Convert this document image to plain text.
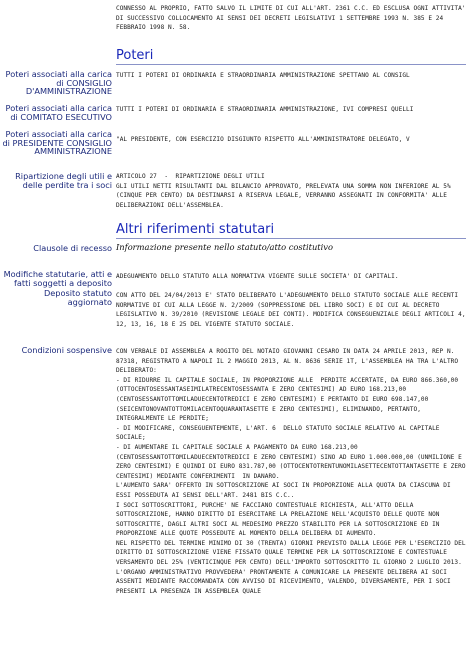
CONNESSO AL PROPRIO, FATTO SALVO IL LIMITE DI CUI ALL'ART. 2361 C.C. ED ESCLUSA OGNI ATTIVITA' DI SUCCESSIVO COLLOCAMENTO AI SENSI DEI DECRETI LEGISLATIVI 1 SETTEMBRE 1993 N. 385 E 24 FEBBRAIO 1998 N. 58.
Poteri
Poteri associati alla carica di CONSIGLIO D'AMMINISTRAZIONE
TUTTI I POTERI DI ORDINARIA E STRAORDINARIA AMMINISTRAZIONE SPETTANO AL CONSIGL
Poteri associati alla carica di COMITATO ESECUTIVO
TUTTI I POTERI DI ORDINARIA E STRAORDINARIA AMMINISTRAZIONE, IVI COMPRESI QUELLI
Poteri associati alla carica di PRESIDENTE CONSIGLIO AMMINISTRAZIONE
"AL PRESIDENTE, CON ESERCIZIO DISGIUNTO RISPETTO ALL'AMMINISTRATORE DELEGATO, V
Ripartizione degli utili e delle perdite tra i soci
ARTICOLO 27  -  RIPARTIZIONE DEGLI UTILI
GLI UTILI NETTI RISULTANTI DAL BILANCIO APPROVATO, PRELEVATA UNA SOMMA NON INFERIORE AL 5% (CINQUE PER CENTO) DA DESTINARSI A RISERVA LEGALE, VERRANNO ASSEGNATI IN CONFORMITA' ALLE DELIBERAZIONI DELL'ASSEMBLEA.
Altri riferimenti statutari
Clausole di recesso Informazione presente nello statuto/atto costitutivo
Modifiche statutarie, atti e fatti soggetti a deposito
ADEGUAMENTO DELLO STATUTO ALLA NORMATIVA VIGENTE SULLE SOCIETA' DI CAPITALI.
Deposito statuto aggiornato
CON ATTO DEL 24/04/2013 E' STATO DELIBERATO L'ADEGUAMENTO DELLO STATUTO SOCIALE ALLE RECENTI NORMATIVE DI CUI ALLA LEGGE N. 2/2009 (SOPPRESSIONE DEL LIBRO SOCI) E DI CUI AL DECRETO LEGISLATIVO N. 39/2010 (REVISIONE LEGALE DEI CONTI). MODIFICA CONSEGUENZIALE DEGLI ARTICOLI 4, 12, 13, 16, 18 E 25 DEL VIGENTE STATUTO SOCIALE.
Condizioni sospensive CON VERBALE DI ASSEMBLEA A ROGITO DEL NOTAIO GIOVANNI CESARO IN DATA 24 APRILE 2013, REP N. 87318, REGISTRATO A NAPOLI IL 2 MAGGIO 2013, AL N. 8636 SERIE 1T, L'ASSEMBLEA HA TRA L'ALTRO DELIBERATO:
- DI RIDURRE IL CAPITALE SOCIALE, IN PROPORZIONE ALLE  PERDITE ACCERTATE, DA EURO 866.360,00 (OTTOCENTOSESSANTASEIMILATRECENTOSESSANTA E ZERO CENTESIMI) AD EURO 168.213,00 (CENTOSESSANTOTTOMILADUECENTOTREDICI E ZERO CENTESIMI) E PERTANTO DI EURO 698.147,00 (SEICENTONOVANTOTTOMILACENTOQUARANTASETTE E ZERO CENTESIMI), ELIMINANDO, PERTANTO, INTEGRALMENTE LE PERDITE;
- DI MODIFICARE, CONSEGUENTEMENTE, L'ART. 6  DELLO STATUTO SOCIALE RELATIVO AL CAPITALE SOCIALE;
- DI AUMENTARE IL CAPITALE SOCIALE A PAGAMENTO DA EURO 168.213,00 (CENTOSESSANTOTTOMILADUECENTOTREDICI E ZERO CENTESIMI) SINO AD EURO 1.000.000,00 (UNMILIONE E ZERO CENTESIMI) E QUINDI DI EURO 831.787,00 (OTTOCENTOTRENTUNOMILASETTECENTOTTANTASETTE E ZERO CENTESIMI) MEDIANTE CONFERIMENTI  IN DANARO.
L'AUMENTO SARA' OFFERTO IN SOTTOSCRIZIONE AI SOCI IN PROPORZIONE ALLA QUOTA DA CIASCUNA DI ESSI POSSEDUTA AI SENSI DELL'ART. 2481 BIS C.C..
I SOCI SOTTOSCRITTORI, PURCHE' NE FACCIANO CONTESTUALE RICHIESTA, ALL'ATTO DELLA SOTTOSCRIZIONE, HANNO DIRITTO DI ESERCITARE LA PRELAZIONE NELL'ACQUISTO DELLE QUOTE NON SOTTOSCRITTE, DAGLI ALTRI SOCI AL MEDESIMO PREZZO STABILITO PER LA SOTTOSCRIZIONE ED IN PROPORZIONE ALLE QUOTE POSSEDUTE AL MOMENTO DELLA DELIBERA DI AUMENTO.
NEL RISPETTO DEL TERMINE MINIMO DI 30 (TRENTA) GIORNI PREVISTO DALLA LEGGE PER L'ESERCIZIO DEL DIRITTO DI SOTTOSCRIZIONE VIENE FISSATO QUALE TERMINE PER LA SOTTOSCRIZIONE E CONTESTUALE VERSAMENTO DEL 25% (VENTICINQUE PER CENTO) DELL'IMPORTO SOTTOSCRITTO IL GIORNO 2 LUGLIO 2013.
L'ORGANO AMMINISTRATIVO PROVVEDERA' PRONTAMENTE A COMUNICARE LA PRESENTE DELIBERA AI SOCI ASSENTI MEDIANTE RACCOMANDATA CON AVVISO DI RICEVIMENTO, VALENDO, DIVERSAMENTE, PER I SOCI  PRESENTI LA PRESENZA IN ASSEMBLEA QUALE
